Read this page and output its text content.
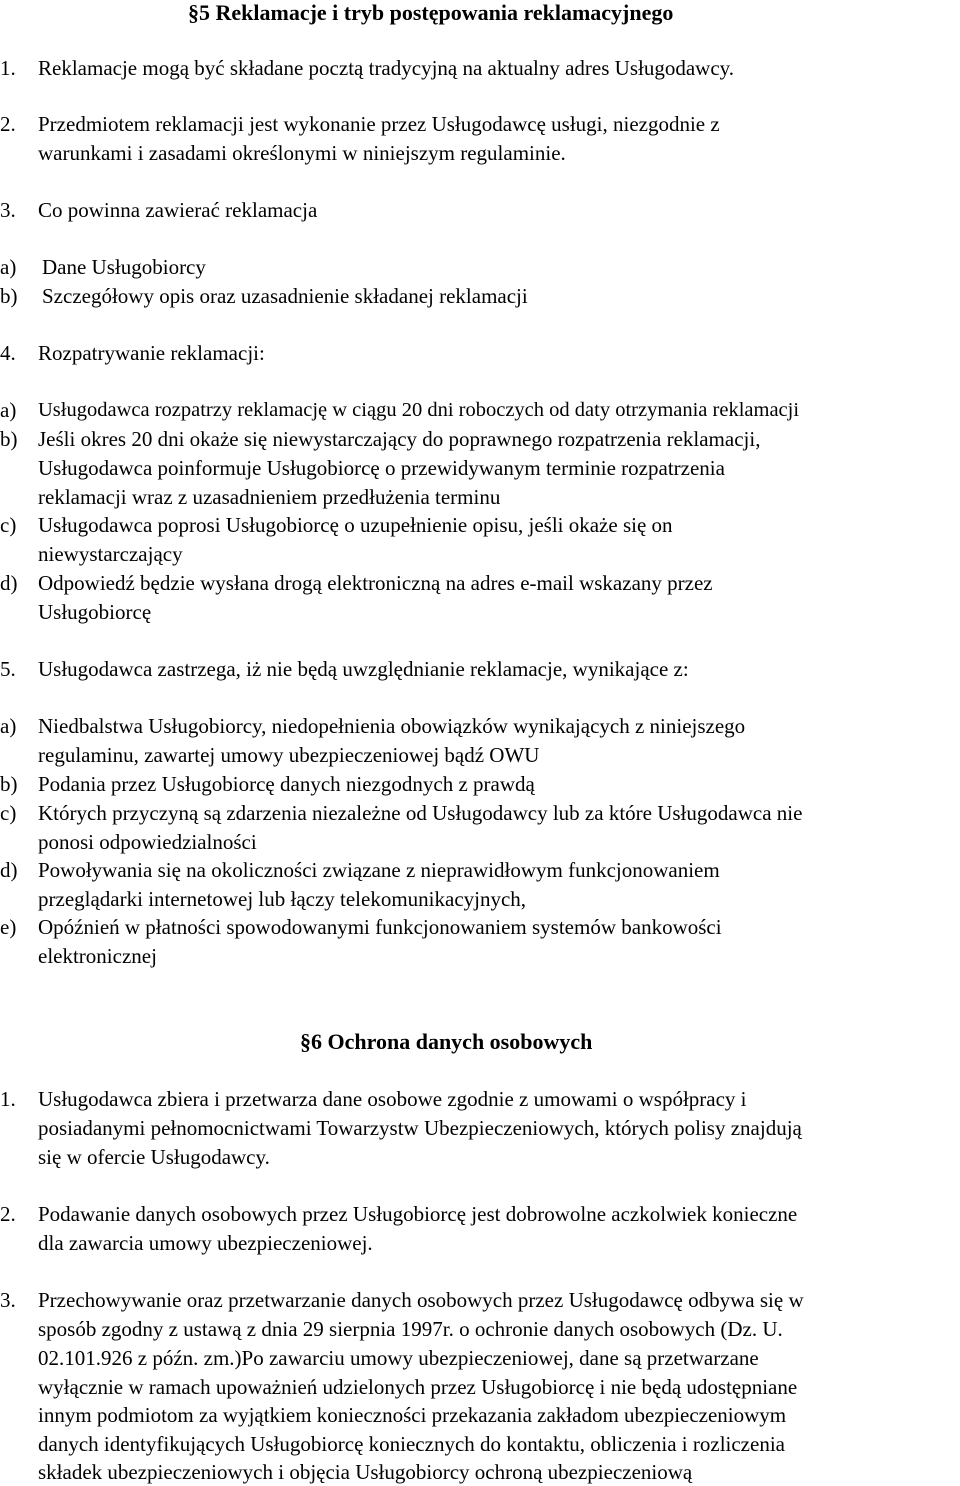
§5 Reklamacje i tryb postępowania reklamacyjnego
1. Reklamacje mogą być składane pocztą tradycyjną na aktualny adres Usługodawcy.
2. Przedmiotem reklamacji jest wykonanie przez Usługodawcę usługi, niezgodnie z
warunkami i zasadami określonymi w niniejszym regulaminie.
3. Co powinna zawierać reklamacja
a) Dane Usługobiorcy
b) Szczegółowy opis oraz uzasadnienie składanej reklamacji
4. Rozpatrywanie reklamacji:
a) Usługodawca rozpatrzy reklamację w ciągu 20 dni roboczych od daty otrzymania reklamacji
b) Jeśli okres 20 dni okaże się niewystarczający do poprawnego rozpatrzenia reklamacji,
Usługodawca poinformuje Usługobiorcę o przewidywanym terminie rozpatrzenia
reklamacji wraz z uzasadnieniem przedłużenia terminu
c) Usługodawca poprosi Usługobiorcę o uzupełnienie opisu, jeśli okaże się on
niewystarczający
d) Odpowiedź będzie wysłana drogą elektroniczną na adres e-mail wskazany przez
Usługobiorcę
5. Usługodawca zastrzega, iż nie będą uwzględnianie reklamacje, wynikające z:
a) Niedbalstwa Usługobiorcy, niedopełnienia obowiązków wynikających z niniejszego
regulaminu, zawartej umowy ubezpieczeniowej bądź OWU
b) Podania przez Usługobiorcę danych niezgodnych z prawdą
c) Których przyczyną są zdarzenia niezależne od Usługodawcy lub za które Usługodawca nie
ponosi odpowiedzialności
d) Powoływania się na okoliczności związane z nieprawidłowym funkcjonowaniem
przeglądarki internetowej lub łączy telekomunikacyjnych,
e) Opóźnień w płatności spowodowanymi funkcjonowaniem systemów bankowości
elektronicznej
§6 Ochrona danych osobowych
1. Usługodawca zbiera i przetwarza dane osobowe zgodnie z umowami o współpracy i
posiadanymi pełnomocnictwami Towarzystw Ubezpieczeniowych, których polisy znajdują
się w ofercie Usługodawcy.
2. Podawanie danych osobowych przez Usługobiorcę jest dobrowolne aczkolwiek konieczne
dla zawarcia umowy ubezpieczeniowej.
3. Przechowywanie oraz przetwarzanie danych osobowych przez Usługodawcę odbywa się w
sposób zgodny z ustawą z dnia 29 sierpnia 1997r. o ochronie danych osobowych (Dz. U.
02.101.926 z późn. zm.)Po zawarciu umowy ubezpieczeniowej, dane są przetwarzane
wyłącznie w ramach upoważnień udzielonych przez Usługobiorcę i nie będą udostępniane
innym podmiotom za wyjątkiem konieczności przekazania zakładom ubezpieczeniowym
danych identyfikujących Usługobiorcę koniecznych do kontaktu, obliczenia i rozliczenia
składek ubezpieczeniowych i objęcia Usługobiorcy ochroną ubezpieczeniową
